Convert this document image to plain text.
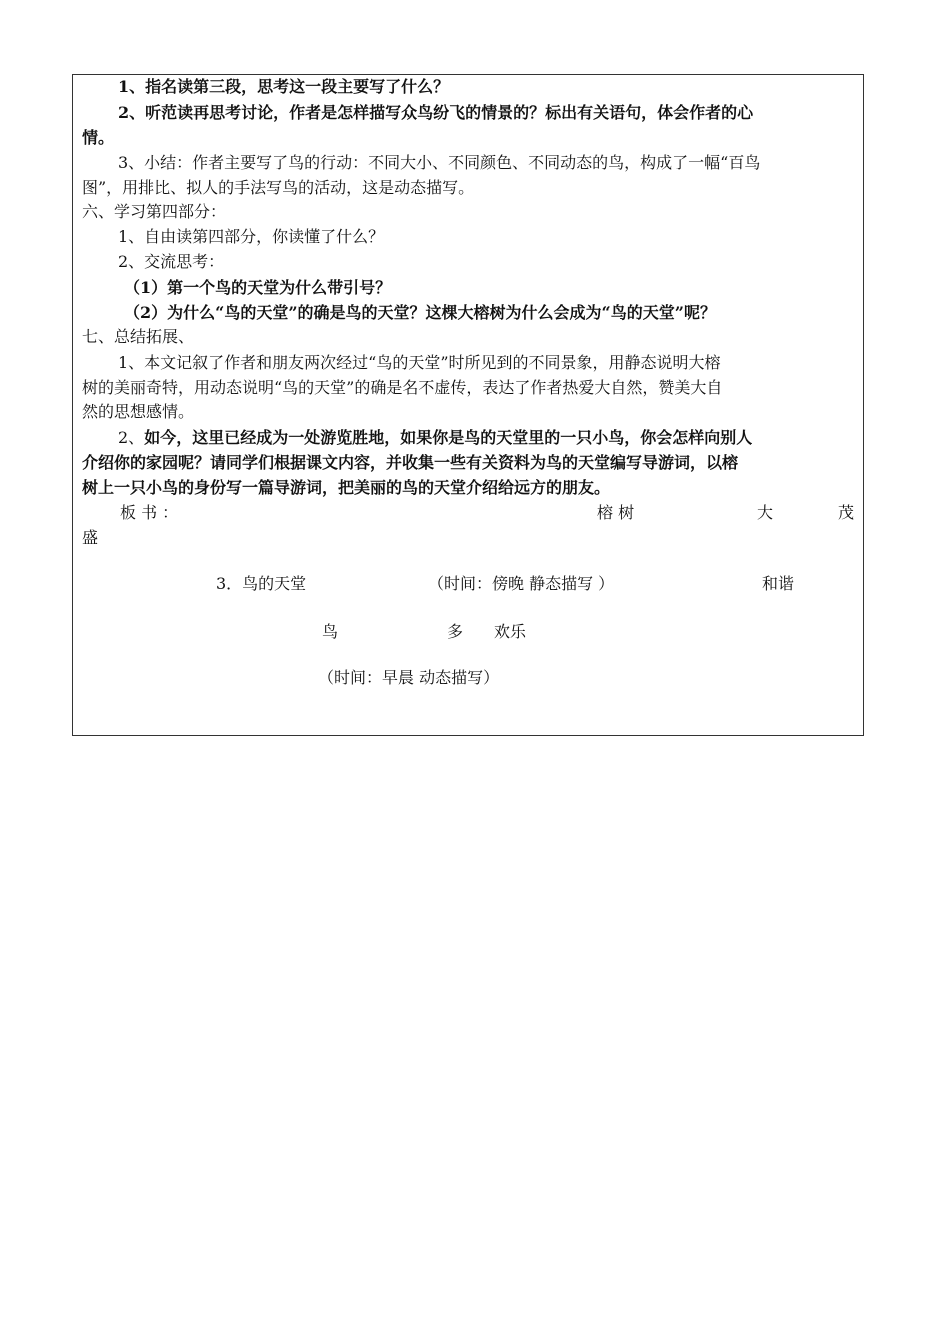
1、指名读第三段，思考这一段主要写了什么？
2、听范读再思考讨论，作者是怎样描写众鸟纷飞的情景的？标出有关语句，体会作者的心
情。
3、小结：作者主要写了鸟的行动：不同大小、不同颜色、不同动态的鸟，构成了一幅“百鸟
图”，用排比、拟人的手法写鸟的活动，这是动态描写。
六、学习第四部分：
1、自由读第四部分，你读懂了什么？
2、交流思考：
（1）第一个鸟的天堂为什么带引号？
（2）为什么“鸟的天堂”的确是鸟的天堂？这棵大榕树为什么会成为“鸟的天堂”呢？
七、总结拓展、
1、本文记叙了作者和朋友两次经过“鸟的天堂”时所见到的不同景象，用静态说明大榕
树的美丽奇特，用动态说明“鸟的天堂”的确是名不虚传，表达了作者热爱大自然，赞美大自
然的思想感情。
2、如今，这里已经成为一处游览胜地，如果你是鸟的天堂里的一只小鸟，你会怎样向别人
介绍你的家园呢？请同学们根据课文内容，并收集一些有关资料为鸟的天堂编写导游词，以榕
树上一只小鸟的身份写一篇导游词，把美丽的鸟的天堂介绍给远方的朋友。
板 书 ：	榕 树	大	茂
盛
3．鸟的天堂	（时间：傍晚 静态描写 ）	和谐
鸟	多 欢乐
（时间：早晨 动态描写）
